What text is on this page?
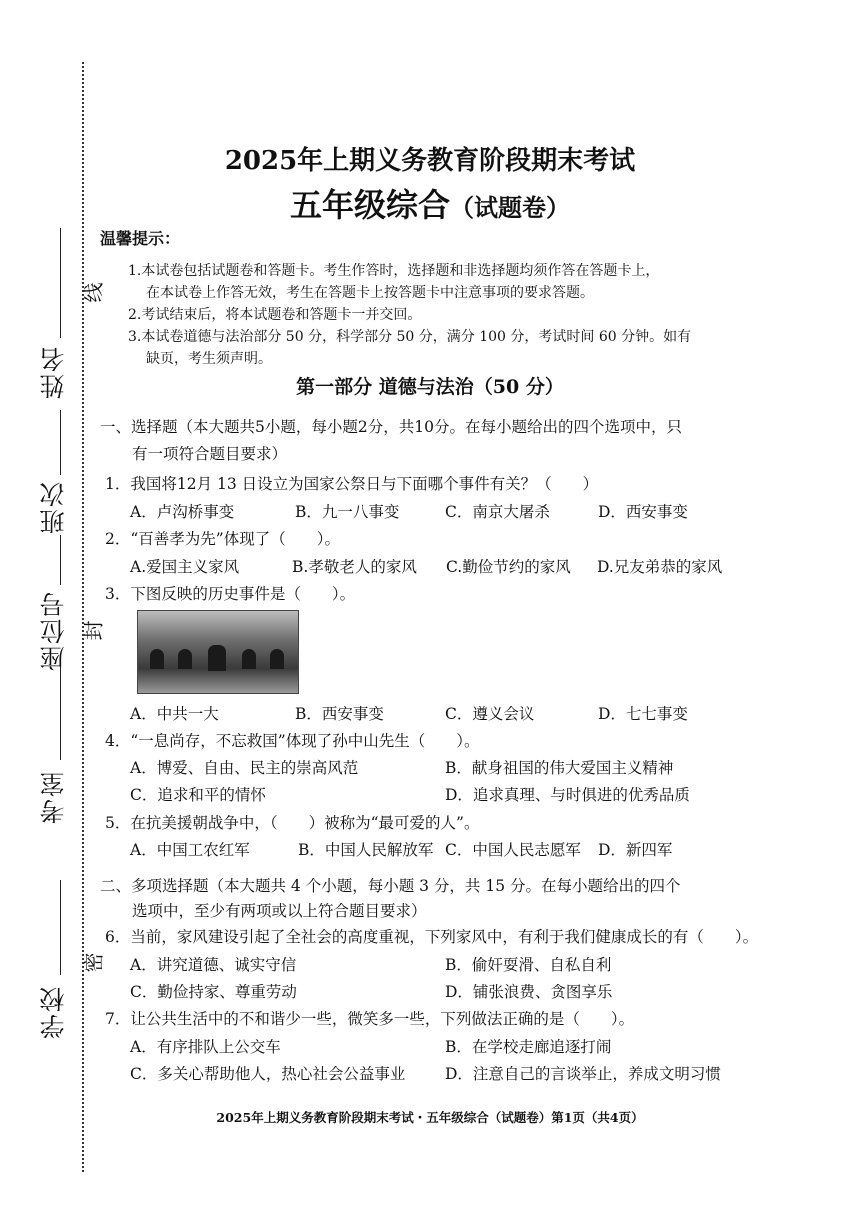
学校
考室
座位号
班次
姓名
密
封
线
2025年上期义务教育阶段期末考试
五年级综合（试题卷）
温馨提示：
1.本试卷包括试题卷和答题卡。考生作答时，选择题和非选择题均须作答在答题卡上，
在本试卷上作答无效，考生在答题卡上按答题卡中注意事项的要求答题。
2.考试结束后，将本试题卷和答题卡一并交回。
3.本试卷道德与法治部分 50 分，科学部分 50 分，满分 100 分，考试时间 60 分钟。如有
缺页，考生须声明。
第一部分 道德与法治（50 分）
一、选择题（本大题共5小题，每小题2分，共10分。在每小题给出的四个选项中，只
有一项符合题目要求）
1．我国将12月 13 日设立为国家公祭日与下面哪个事件有关？（　　）
A．卢沟桥事变	B．九一八事变	C．南京大屠杀	D．西安事变
2．“百善孝为先”体现了（　　）。
A.爱国主义家风	B.孝敬老人的家风 C.勤俭节约的家风 D.兄友弟恭的家风
3．下图反映的历史事件是（　　）。
A．中共一大	B．西安事变	C．遵义会议	D．七七事变
4．“一息尚存，不忘救国”体现了孙中山先生（　　）。
A．博爱、自由、民主的崇高风范	B．献身祖国的伟大爱国主义精神
C．追求和平的情怀	D．追求真理、与时俱进的优秀品质
5．在抗美援朝战争中，（　　）被称为“最可爱的人”。
A．中国工农红军	B．中国人民解放军 C．中国人民志愿军 D．新四军
二、多项选择题（本大题共 4 个小题，每小题 3 分，共 15 分。在每小题给出的四个
选项中，至少有两项或以上符合题目要求）
6．当前，家风建设引起了全社会的高度重视，下列家风中，有利于我们健康成长的有（　　）。
A．讲究道德、诚实守信	B．偷奸耍滑、自私自利
C．勤俭持家、尊重劳动	D．铺张浪费、贪图享乐
7．让公共生活中的不和谐少一些，微笑多一些，下列做法正确的是（　　）。
A．有序排队上公交车	B．在学校走廊追逐打闹
C．多关心帮助他人，热心社会公益事业	D．注意自己的言谈举止，养成文明习惯
2025年上期义务教育阶段期末考试・五年级综合（试题卷）第1页（共4页）
